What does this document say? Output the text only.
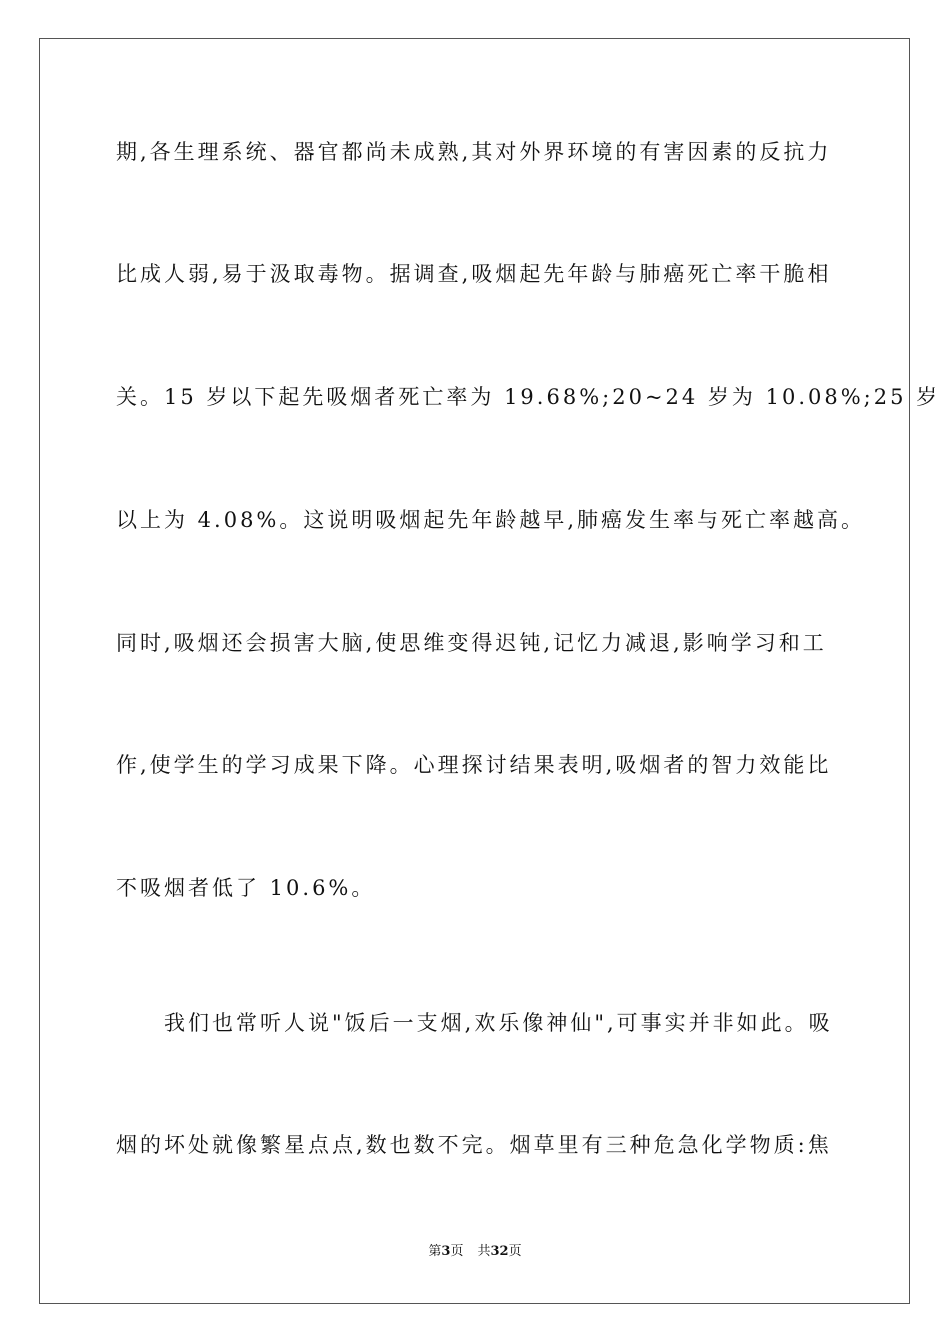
期,各生理系统、器官都尚未成熟,其对外界环境的有害因素的反抗力
比成人弱,易于汲取毒物。据调查,吸烟起先年龄与肺癌死亡率干脆相
关。15 岁以下起先吸烟者死亡率为 19.68%;20~24 岁为 10.08%;25 岁
以上为 4.08%。这说明吸烟起先年龄越早,肺癌发生率与死亡率越高。
同时,吸烟还会损害大脑,使思维变得迟钝,记忆力减退,影响学习和工
作,使学生的学习成果下降。心理探讨结果表明,吸烟者的智力效能比
不吸烟者低了 10.6%。
　　我们也常听人说"饭后一支烟,欢乐像神仙",可事实并非如此。吸
烟的坏处就像繁星点点,数也数不完。烟草里有三种危急化学物质:焦
第3页 共32页
